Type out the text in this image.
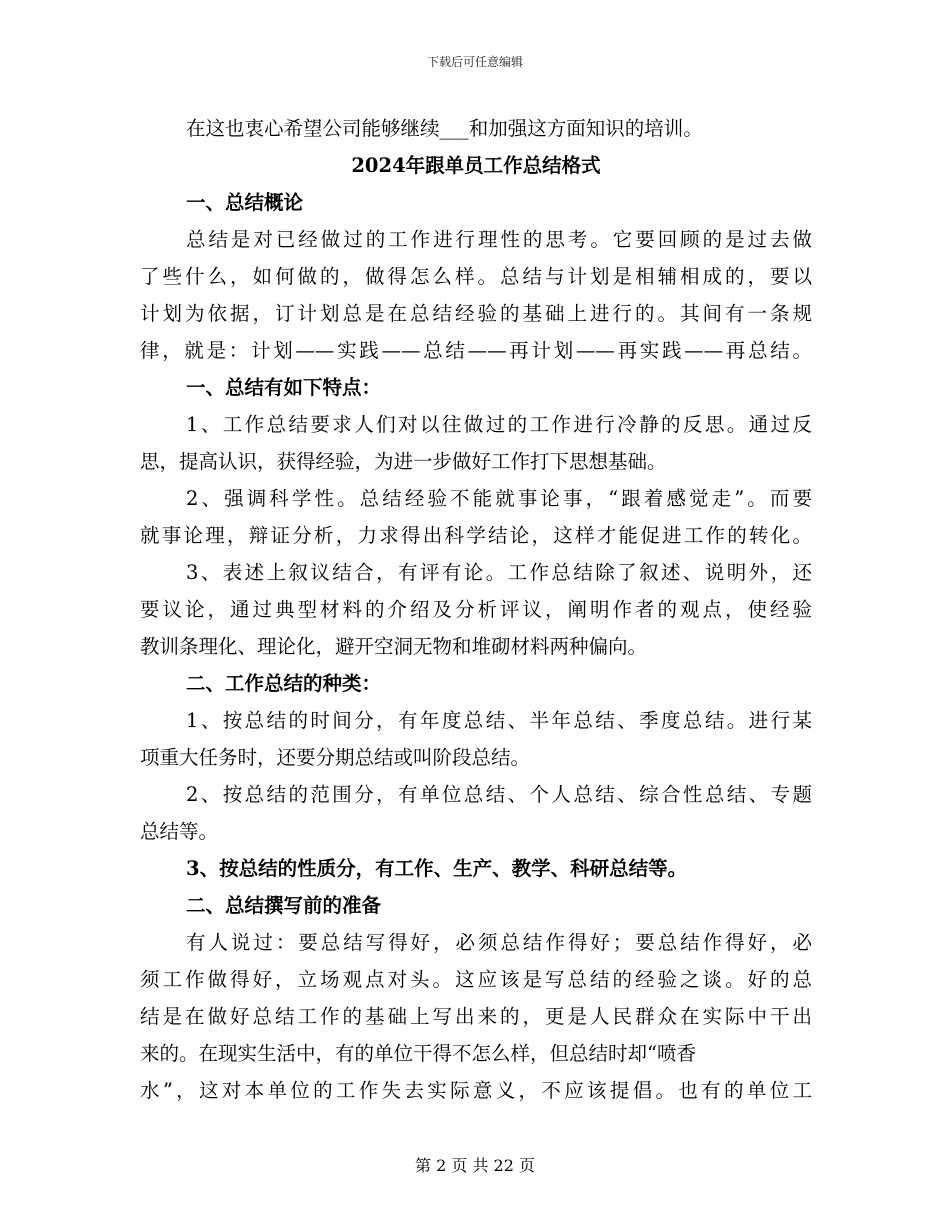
下载后可任意编辑
在这也衷心希望公司能够继续___和加强这方面知识的培训。
2024年跟单员工作总结格式
一、总结概论
总结是对已经做过的工作进行理性的思考。它要回顾的是过去做
了些什么，如何做的，做得怎么样。总结与计划是相辅相成的，要以
计划为依据，订计划总是在总结经验的基础上进行的。其间有一条规
律，就是：计划——实践——总结——再计划——再实践——再总结。
一、总结有如下特点：
1、工作总结要求人们对以往做过的工作进行冷静的反思。通过反
思，提高认识，获得经验，为进一步做好工作打下思想基础。
2、强调科学性。总结经验不能就事论事，“跟着感觉走”。而要
就事论理，辩证分析，力求得出科学结论，这样才能促进工作的转化。
3、表述上叙议结合，有评有论。工作总结除了叙述、说明外，还
要议论，通过典型材料的介绍及分析评议，阐明作者的观点，使经验
教训条理化、理论化，避开空洞无物和堆砌材料两种偏向。
二、工作总结的种类：
1、按总结的时间分，有年度总结、半年总结、季度总结。进行某
项重大任务时，还要分期总结或叫阶段总结。
2、按总结的范围分，有单位总结、个人总结、综合性总结、专题
总结等。
3、按总结的性质分，有工作、生产、教学、科研总结等。
二、总结撰写前的准备
有人说过：要总结写得好，必须总结作得好；要总结作得好，必
须工作做得好，立场观点对头。这应该是写总结的经验之谈。好的总
结是在做好总结工作的基础上写出来的，更是人民群众在实际中干出
来的。在现实生活中，有的单位干得不怎么样，但总结时却“喷香
水”，这对本单位的工作失去实际意义，不应该提倡。也有的单位工
第 2 页 共 22 页
